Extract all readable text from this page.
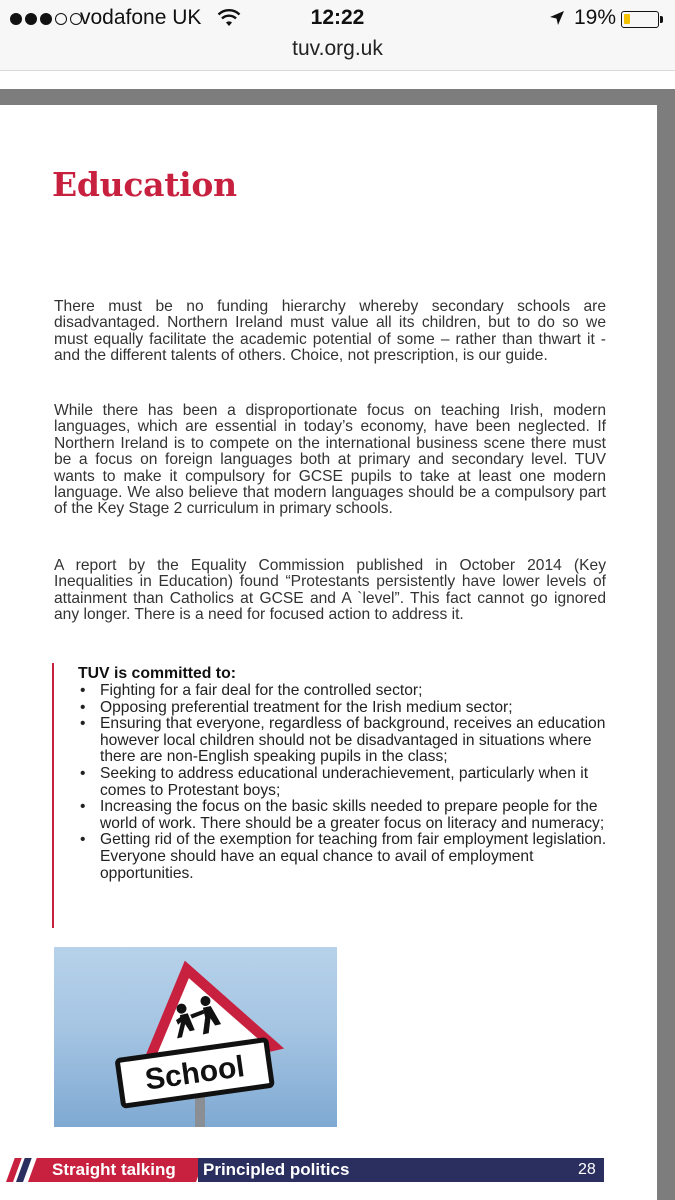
vodafone UK	12:22	19%
tuv.org.uk
Education
There must be no funding hierarchy whereby secondary schools are disadvantaged. Northern Ireland must value all its children, but to do so we must equally facilitate the academic potential of some – rather than thwart it - and the different talents of others. Choice, not prescription, is our guide.
While there has been a disproportionate focus on teaching Irish, modern languages, which are essential in today’s economy, have been neglected. If Northern Ireland is to compete on the international business scene there must be a focus on foreign languages both at primary and secondary level. TUV wants to make it compulsory for GCSE pupils to take at least one modern language. We also believe that modern languages should be a compulsory part of the Key Stage 2 curriculum in primary schools.
A report by the Equality Commission published in October 2014 (Key Inequalities in Education) found “Protestants persistently have lower levels of attainment than Catholics at GCSE and A `level”. This fact cannot go ignored any longer. There is a need for focused action to address it.
TUV is committed to:
• Fighting for a fair deal for the controlled sector;
• Opposing preferential treatment for the Irish medium sector;
• Ensuring that everyone, regardless of background, receives an education however local children should not be disadvantaged in situations where there are non-English speaking pupils in the class;
• Seeking to address educational underachievement, particularly when it comes to Protestant boys;
• Increasing the focus on the basic skills needed to prepare people for the world of work. There should be a greater focus on literacy and numeracy;
• Getting rid of the exemption for teaching from fair employment legislation. Everyone should have an equal chance to avail of employment opportunities.
School
Straight talking Principled politics	28
